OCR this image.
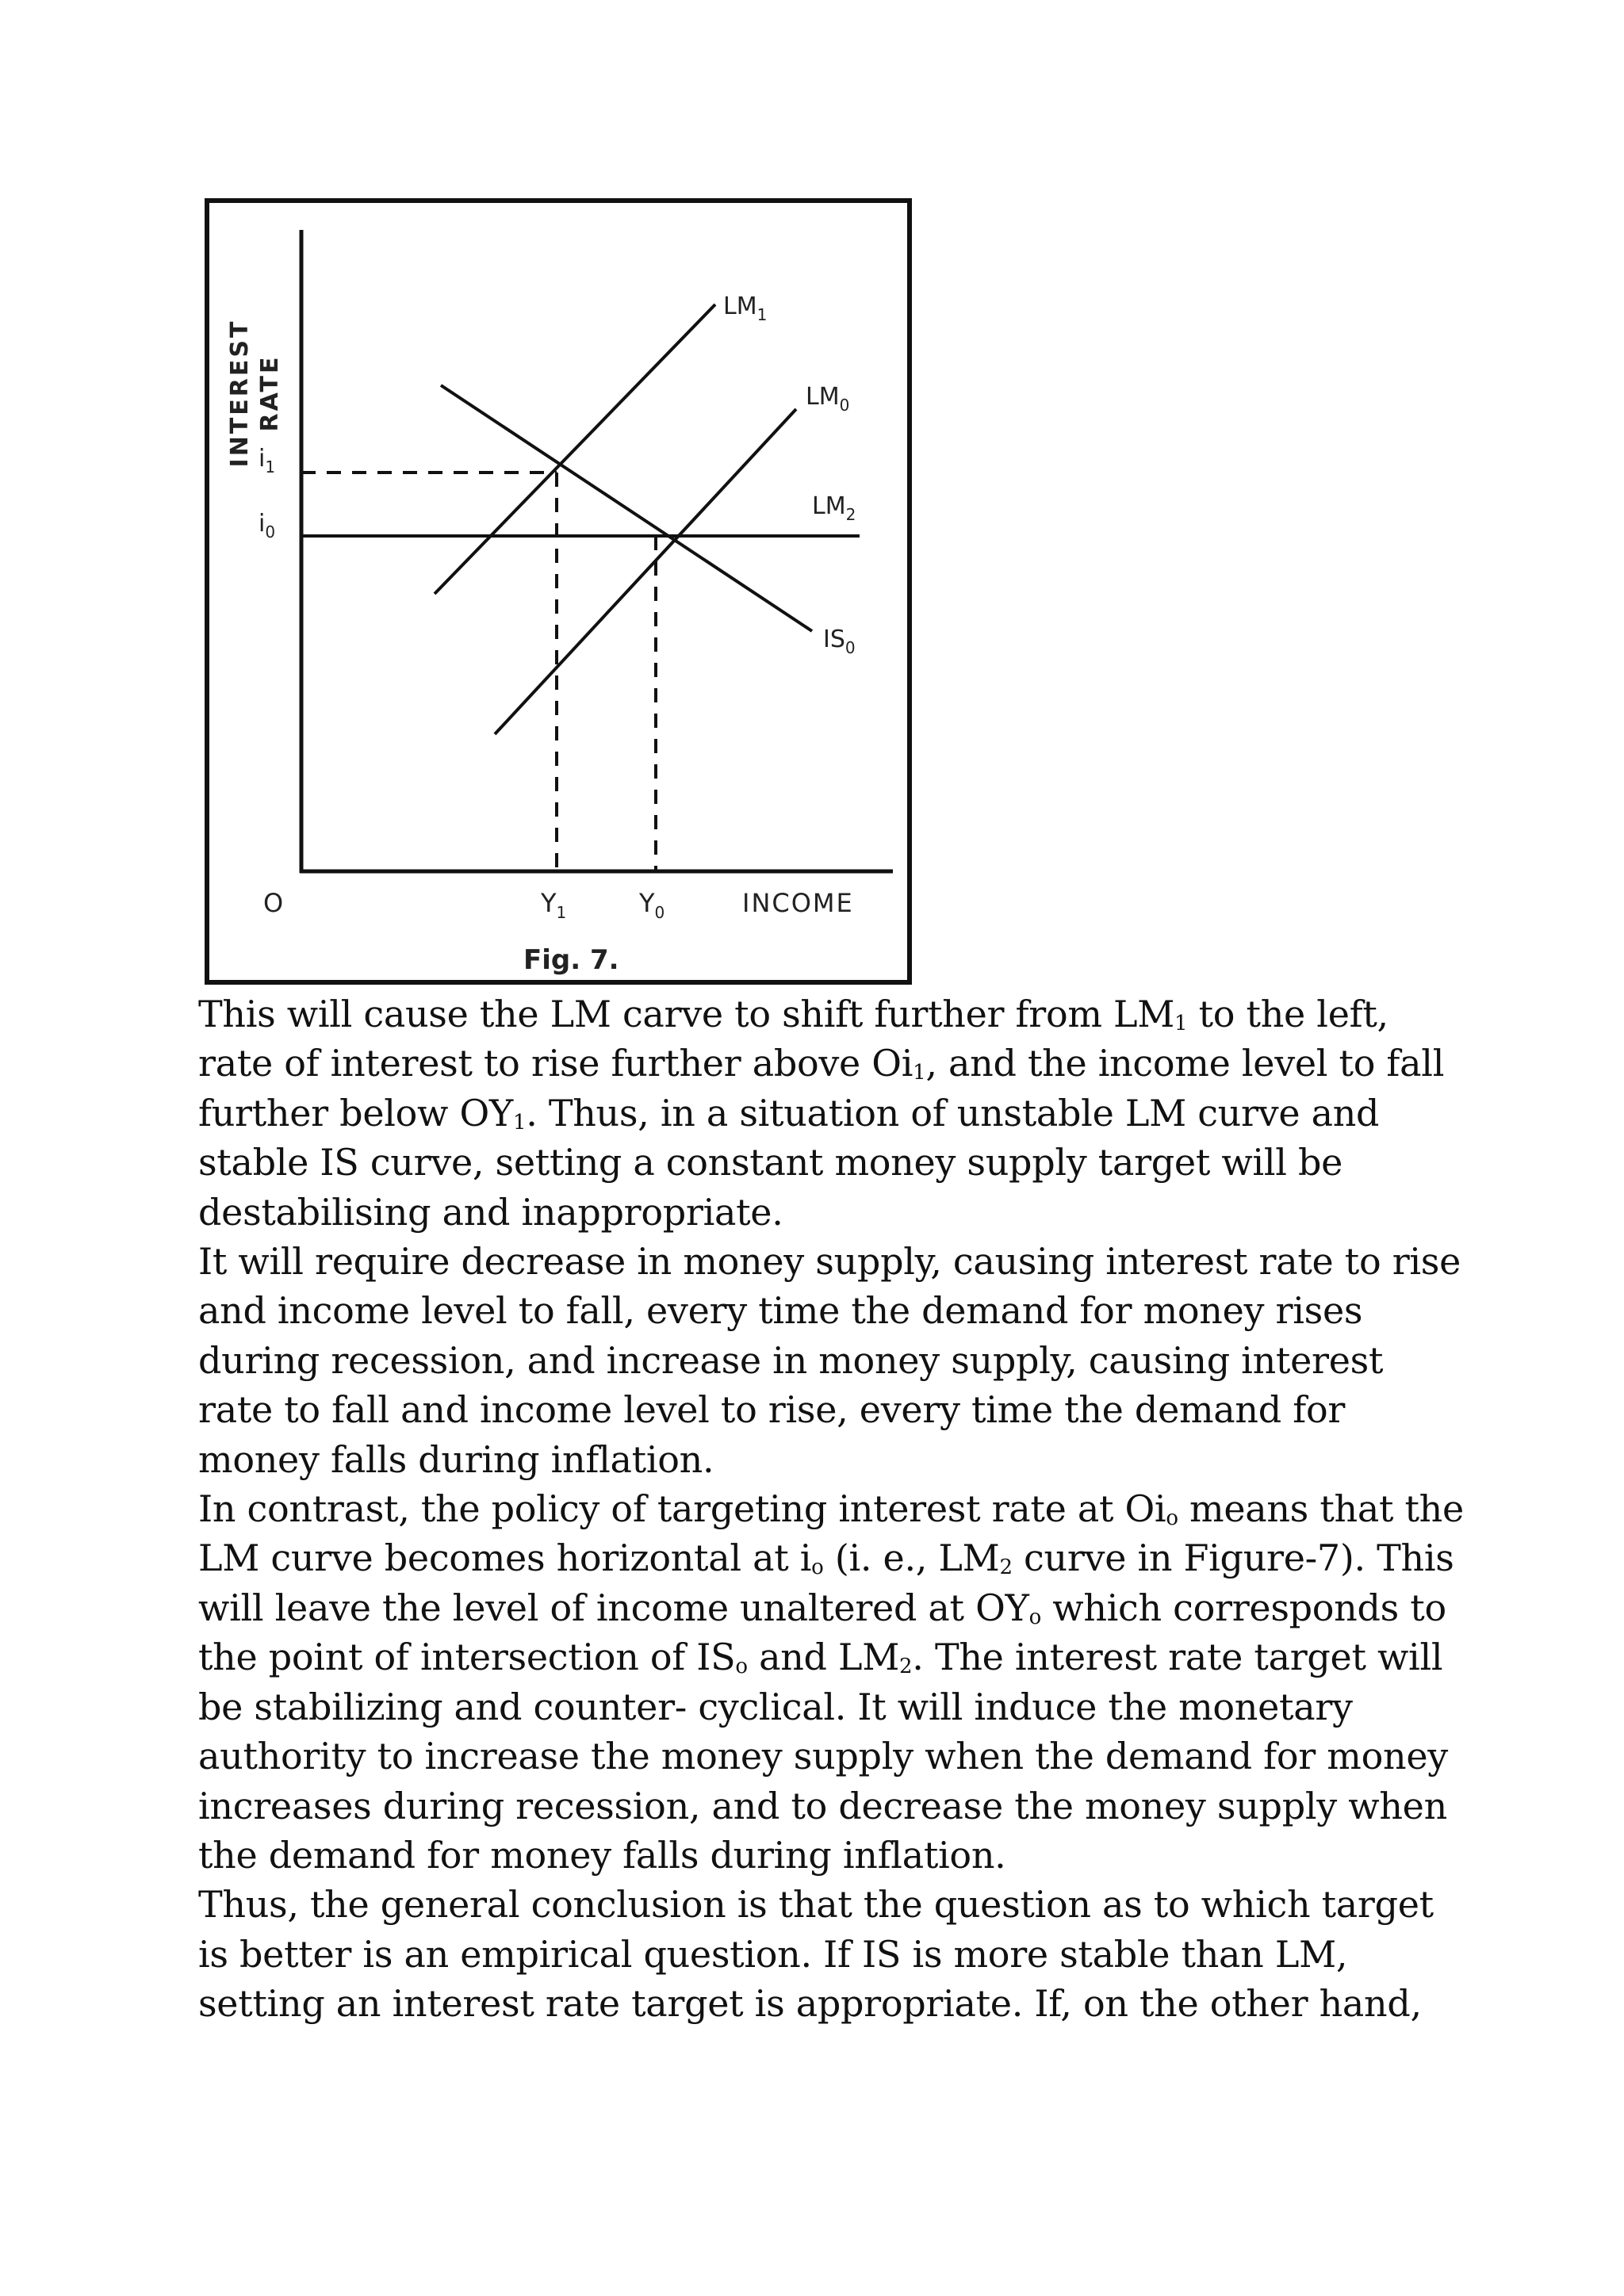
INTEREST RATE
$i_1$
$i_0$
O	$Y_1$	$Y_0$	INCOME
$LM_1$
$LM_0$
$LM_2$
$IS_0$
Fig. 7.

This will cause the LM carve to shift further from LM1 to the left,
rate of interest to rise further above Oi1, and the income level to fall
further below OY1. Thus, in a situation of unstable LM curve and
stable IS curve, setting a constant money supply target will be
destabilising and inappropriate.

It will require decrease in money supply, causing interest rate to rise
and income level to fall, every time the demand for money rises
during recession, and increase in money supply, causing interest
rate to fall and income level to rise, every time the demand for
money falls during inflation.

In contrast, the policy of targeting interest rate at Oio means that the
LM curve becomes horizontal at io (i. e., LM2 curve in Figure-7). This
will leave the level of income unaltered at OYo which corresponds to
the point of intersection of ISo and LM2. The interest rate target will
be stabilizing and counter- cyclical. It will induce the monetary
authority to increase the money supply when the demand for money
increases during recession, and to decrease the money supply when
the demand for money falls during inflation.

Thus, the general conclusion is that the question as to which target
is better is an empirical question. If IS is more stable than LM,
setting an interest rate target is appropriate. If, on the other hand,
